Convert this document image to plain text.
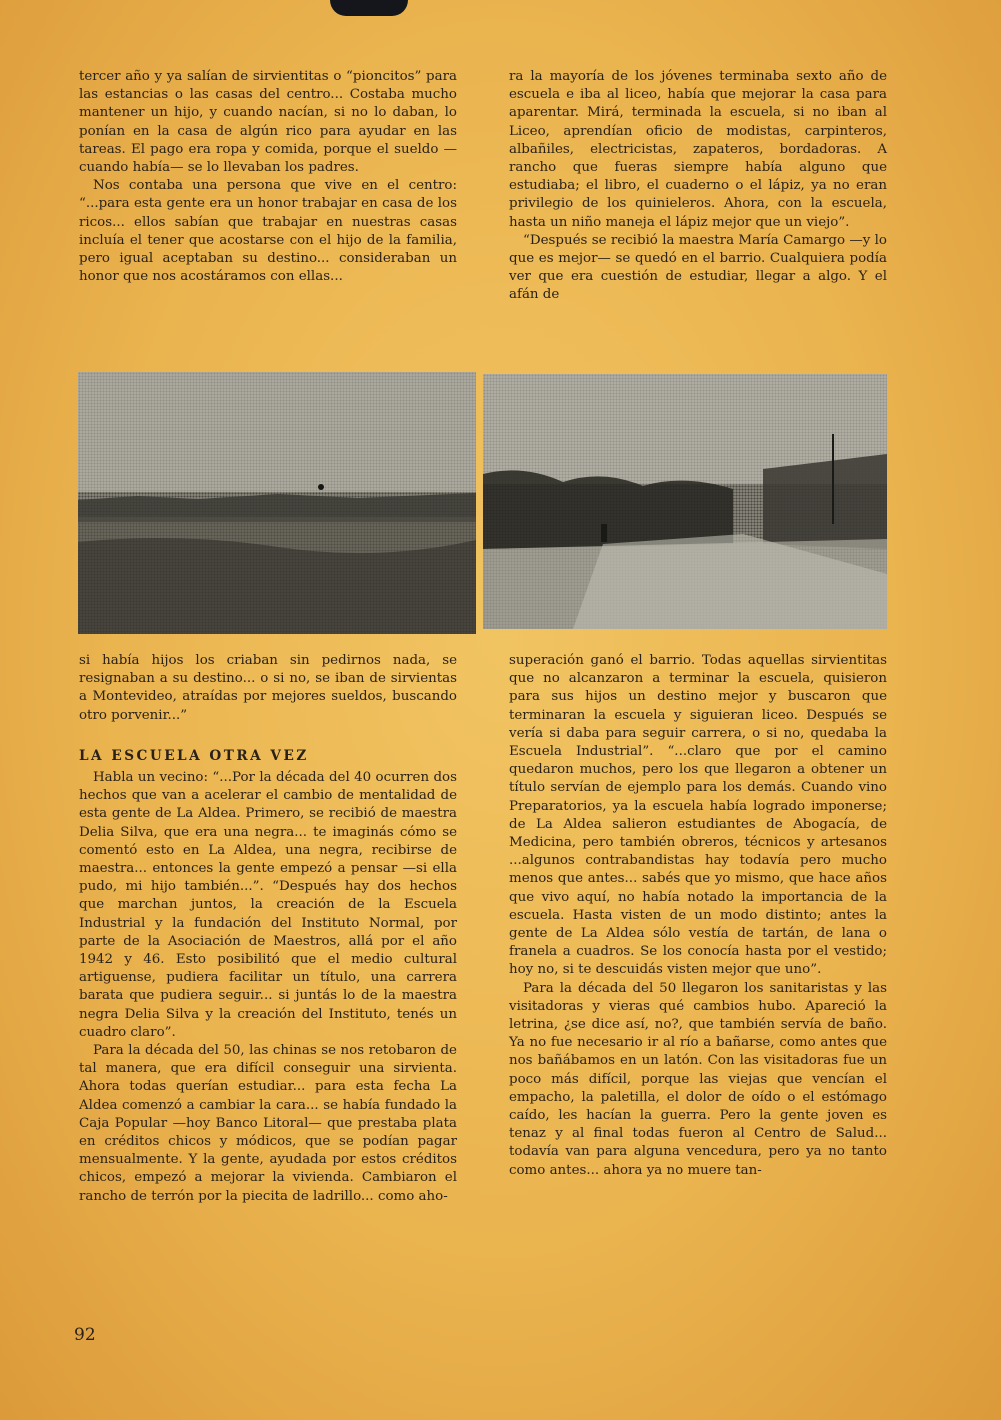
tercer año y ya salían de sirvientitas o “pioncitos” para las estancias o las casas del centro... Costaba mucho mantener un hijo, y cuando nacían, si no lo daban, lo ponían en la casa de algún rico para ayudar en las tareas. El pago era ropa y comida, porque el sueldo —cuando había— se lo llevaban los padres.

Nos contaba una persona que vive en el centro: “...para esta gente era un honor trabajar en casa de los ricos... ellos sabían que trabajar en nuestras casas incluía el tener que acostarse con el hijo de la familia, pero igual aceptaban su destino... consideraban un honor que nos acostáramos con ellas...

ra la mayoría de los jóvenes terminaba sexto año de escuela e iba al liceo, había que mejorar la casa para aparentar. Mirá, terminada la escuela, si no iban al Liceo, aprendían oficio de modistas, carpinteros, albañiles, electricistas, zapateros, bordadoras. A rancho que fueras siempre había alguno que estudiaba; el libro, el cuaderno o el lápiz, ya no eran privilegio de los quinieleros. Ahora, con la escuela, hasta un niño maneja el lápiz mejor que un viejo”.

“Después se recibió la maestra María Camargo —y lo que es mejor— se quedó en el barrio. Cualquiera podía ver que era cuestión de estudiar, llegar a algo. Y el afán de

si había hijos los criaban sin pedirnos nada, se resignaban a su destino... o si no, se iban de sirvientas a Montevideo, atraídas por mejores sueldos, buscando otro porvenir...”

LA ESCUELA OTRA VEZ

Habla un vecino: “...Por la década del 40 ocurren dos hechos que van a acelerar el cambio de mentalidad de esta gente de La Aldea. Primero, se recibió de maestra Delia Silva, que era una negra... te imaginás cómo se comentó esto en La Aldea, una negra, recibirse de maestra... entonces la gente empezó a pensar —si ella pudo, mi hijo también...”. “Después hay dos hechos que marchan juntos, la creación de la Escuela Industrial y la fundación del Instituto Normal, por parte de la Asociación de Maestros, allá por el año 1942 y 46. Esto posibilitó que el medio cultural artiguense, pudiera facilitar un título, una carrera barata que pudiera seguir... si juntás lo de la maestra negra Delia Silva y la creación del Instituto, tenés un cuadro claro”.

Para la década del 50, las chinas se nos retobaron de tal manera, que era difícil conseguir una sirvienta. Ahora todas querían estudiar... para esta fecha La Aldea comenzó a cambiar la cara... se había fundado la Caja Popular —hoy Banco Litoral— que prestaba plata en créditos chicos y módicos, que se podían pagar mensualmente. Y la gente, ayudada por estos créditos chicos, empezó a mejorar la vivienda. Cambiaron el rancho de terrón por la piecita de ladrillo... como aho-

superación ganó el barrio. Todas aquellas sirvientitas que no alcanzaron a terminar la escuela, quisieron para sus hijos un destino mejor y buscaron que terminaran la escuela y siguieran liceo. Después se vería si daba para seguir carrera, o si no, quedaba la Escuela Industrial”. “...claro que por el camino quedaron muchos, pero los que llegaron a obtener un título servían de ejemplo para los demás. Cuando vino Preparatorios, ya la escuela había logrado imponerse; de La Aldea salieron estudiantes de Abogacía, de Medicina, pero también obreros, técnicos y artesanos ...algunos contrabandistas hay todavía pero mucho menos que antes... sabés que yo mismo, que hace años que vivo aquí, no había notado la importancia de la escuela. Hasta visten de un modo distinto; antes la gente de La Aldea sólo vestía de tartán, de lana o franela a cuadros. Se los conocía hasta por el vestido; hoy no, si te descuidás visten mejor que uno”.

Para la década del 50 llegaron los sanitaristas y las visitadoras y vieras qué cambios hubo. Apareció la letrina, ¿se dice así, no?, que también servía de baño. Ya no fue necesario ir al río a bañarse, como antes que nos bañábamos en un latón. Con las visitadoras fue un poco más difícil, porque las viejas que vencían el empacho, la paletilla, el dolor de oído o el estómago caído, les hacían la guerra. Pero la gente joven es tenaz y al final todas fueron al Centro de Salud... todavía van para alguna vencedura, pero ya no tanto como antes... ahora ya no muere tan-

92
